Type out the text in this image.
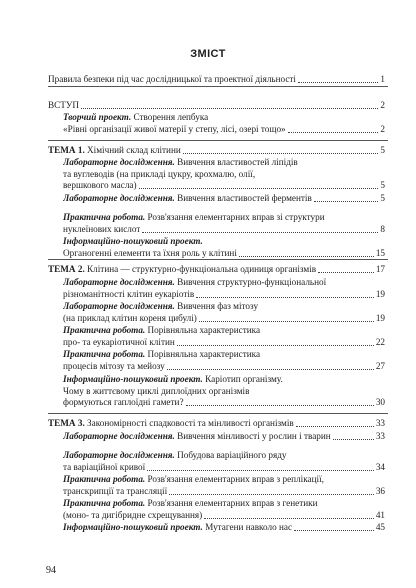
ЗМІСТ
Правила безпеки під час дослідницької та проектної діяльності	1
ВСТУП	2
Творчий проект. Створення лепбука
«Рівні організації живої матерії у степу, лісі, озері тощо»	2
ТЕМА 1. Хімічний склад клітини	5
Лабораторне дослідження. Вивчення властивостей ліпідів
та вуглеводів (на прикладі цукру, крохмалю, олії,
вершкового масла)	5
Лабораторне дослідження. Вивчення властивостей ферментів	5
Практична робота. Розв'язання елементарних вправ зі структури
нуклеїнових кислот	8
Інформаційно-пошуковий проект.
Органогенні елементи та їхня роль у клітині	15
ТЕМА 2. Клітина — структурно-функціональна одиниця організмів	17
Лабораторне дослідження. Вивчення структурно-функціональної
різноманітності клітин еукаріотів	19
Лабораторне дослідження. Вивчення фаз мітозу
(на приклад клітин кореня цибулі)	19
Практична робота. Порівняльна характеристика
про- та еукаріотичної клітин	22
Практична робота. Порівняльна характеристика
процесів мітозу та мейозу	27
Інформаційно-пошуковий проект. Каріотип організму.
Чому в життєвому циклі диплоїдних організмів
формуються гаплоїдні гамети?	30
ТЕМА 3. Закономірності спадковості та мінливості організмів	33
Лабораторне дослідження. Вивчення мінливості у рослин і тварин	33
Лабораторне дослідження. Побудова варіаційного ряду
та варіаційної кривої	34
Практична робота. Розв'язання елементарних вправ з реплікації,
транскрипції та трансляції	36
Практична робота. Розв'язання елементарних вправ з генетики
(моно- та дигібридне схрещування)	41
Інформаційно-пошуковий проект. Мутагени навколо нас	45
94
